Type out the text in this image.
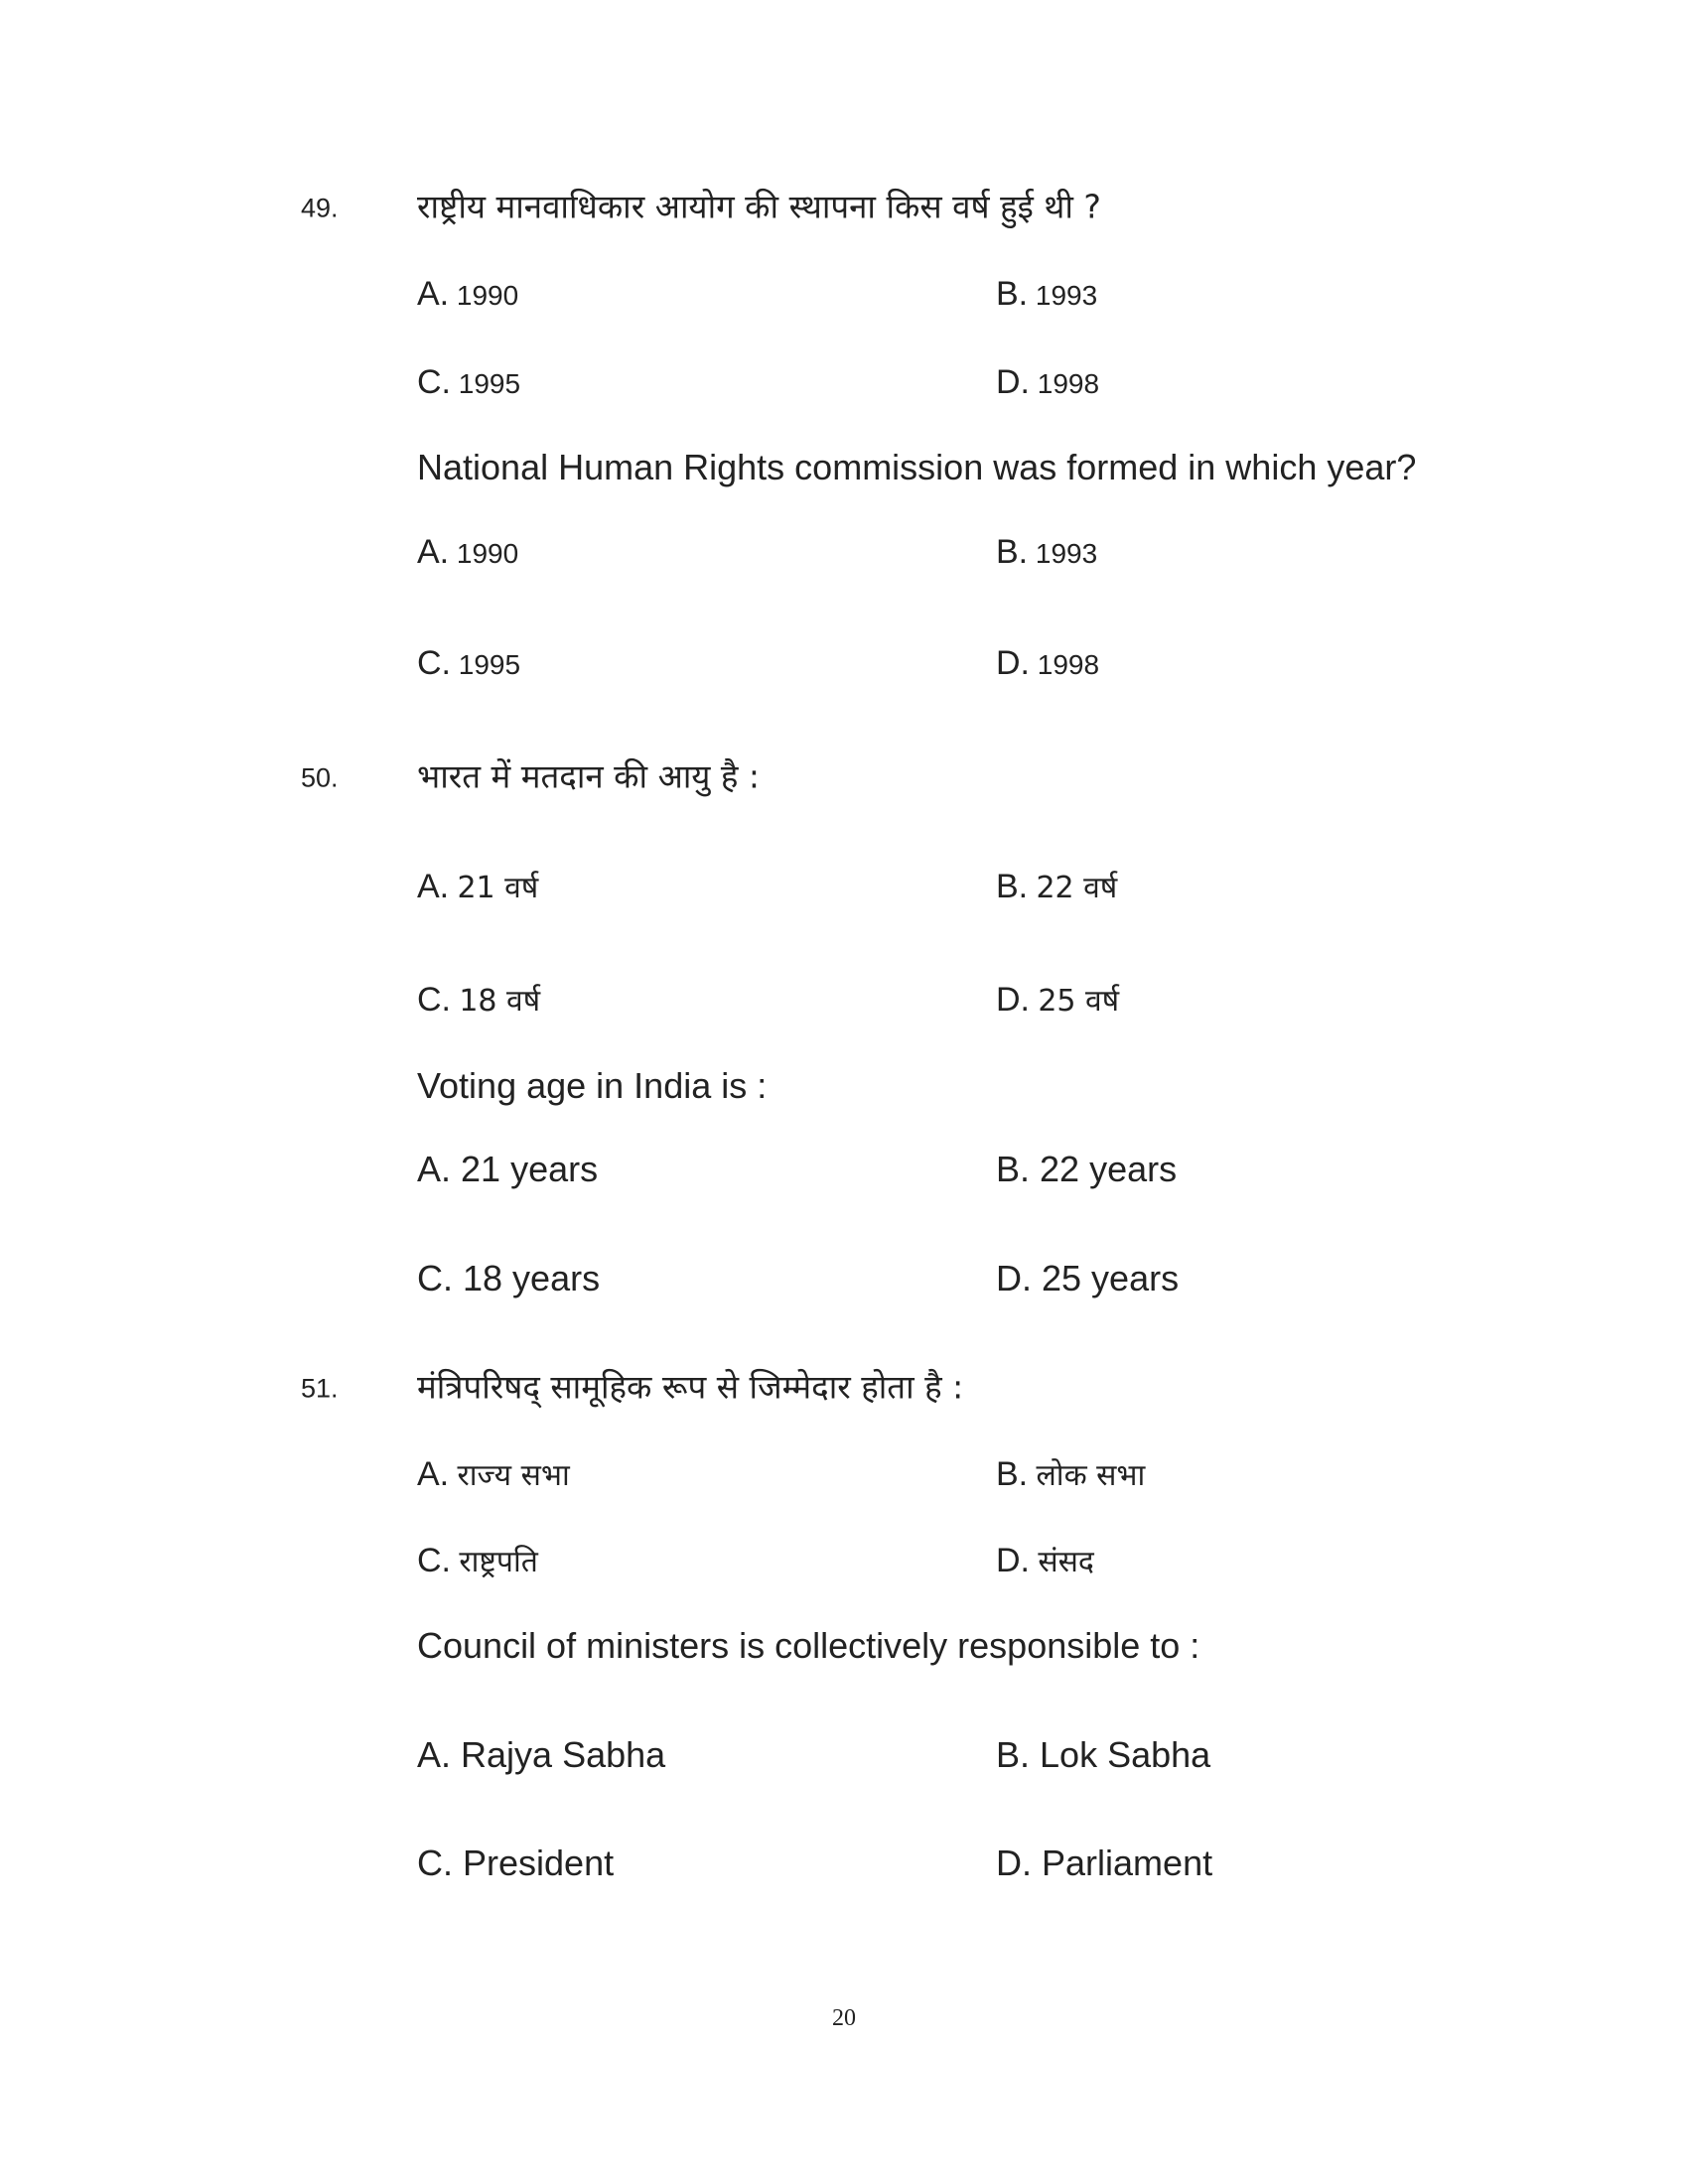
49. राष्ट्रीय मानवाधिकार आयोग की स्थापना किस वर्ष हुई थी ?
A. 1990	B. 1993
C. 1995	D. 1998
National Human Rights commission was formed in which year?
A. 1990	B. 1993
C. 1995	D. 1998
50. भारत में मतदान की आयु है :
A. 21 वर्ष	B. 22 वर्ष
C. 18 वर्ष	D. 25 वर्ष
Voting age in India is :
A. 21 years	B. 22 years
C. 18 years	D. 25 years
51. मंत्रिपरिषद् सामूहिक रूप से जिम्मेदार होता है :
A. राज्य सभा	B. लोक सभा
C. राष्ट्रपति	D. संसद
Council of ministers is collectively responsible to :
A. Rajya Sabha	B. Lok Sabha
C. President	D. Parliament
20
